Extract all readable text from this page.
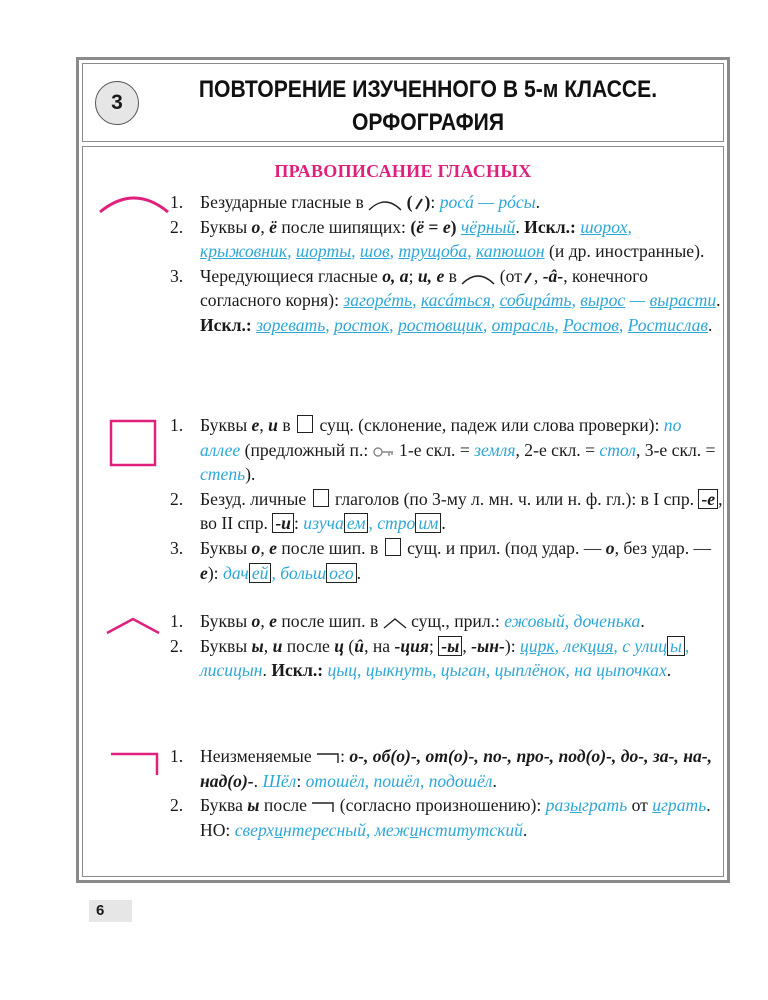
3	ПОВТОРЕНИЕ ИЗУЧЕННОГО В 5-м КЛАССЕ.
ОРФОГРАФИЯ
ПРАВОПИСАНИЕ ГЛАСНЫХ

1. Безударные гласные в  ( ): росá — рóсы.

2. Буквы о, ё после шипящих: (ё = е) чёрный. Искл.: шорох, крыжовник, шорты, шов, трущоба, капюшон (и др. иностранные).

3. Чередующиеся гласные о, а; и, е в  (от , -â-, конечного согласного корня): загорéть, касáться, собирáть, вырос — вырасти. Искл.: зоревать, росток, ростовщик, отрасль, Ростов, Ростислав.

1. Буквы е, и в  сущ. (склонение, падеж или слова проверки): по аллее (предложный п.:  1-е скл. = земля, 2-е скл. = стол, 3-е скл. = степь).

2. Безуд. личные  глаголов (по 3-му л. мн. ч. или н. ф. гл.): в I спр. -е , во II спр. -и : изуча ем , стро им .

3. Буквы о, е после шип. в  сущ. и прил. (под удар. — о, без удар. — е): дач ей , больш ого .

1. Буквы о, е после шип. в  сущ., прил.: ежовый, доченька.

2. Буквы ы, и после ц (û, на -ция; -ы , -ын-): цирк, лекция, с улиц ы , лисицын. Искл.: цыц, цыкнуть, цыган, цыплёнок, на цыпочках.

1. Неизменяемые : о-, об(о)-, от(о)-, по-, про-, под(о)-, до-, за-, на-, над(о)-. Шёл: отошёл, пошёл, подошёл.

2. Буква ы после  (согласно произношению): разыграть от играть. НО: сверхинтересный, межинститутский.

6
